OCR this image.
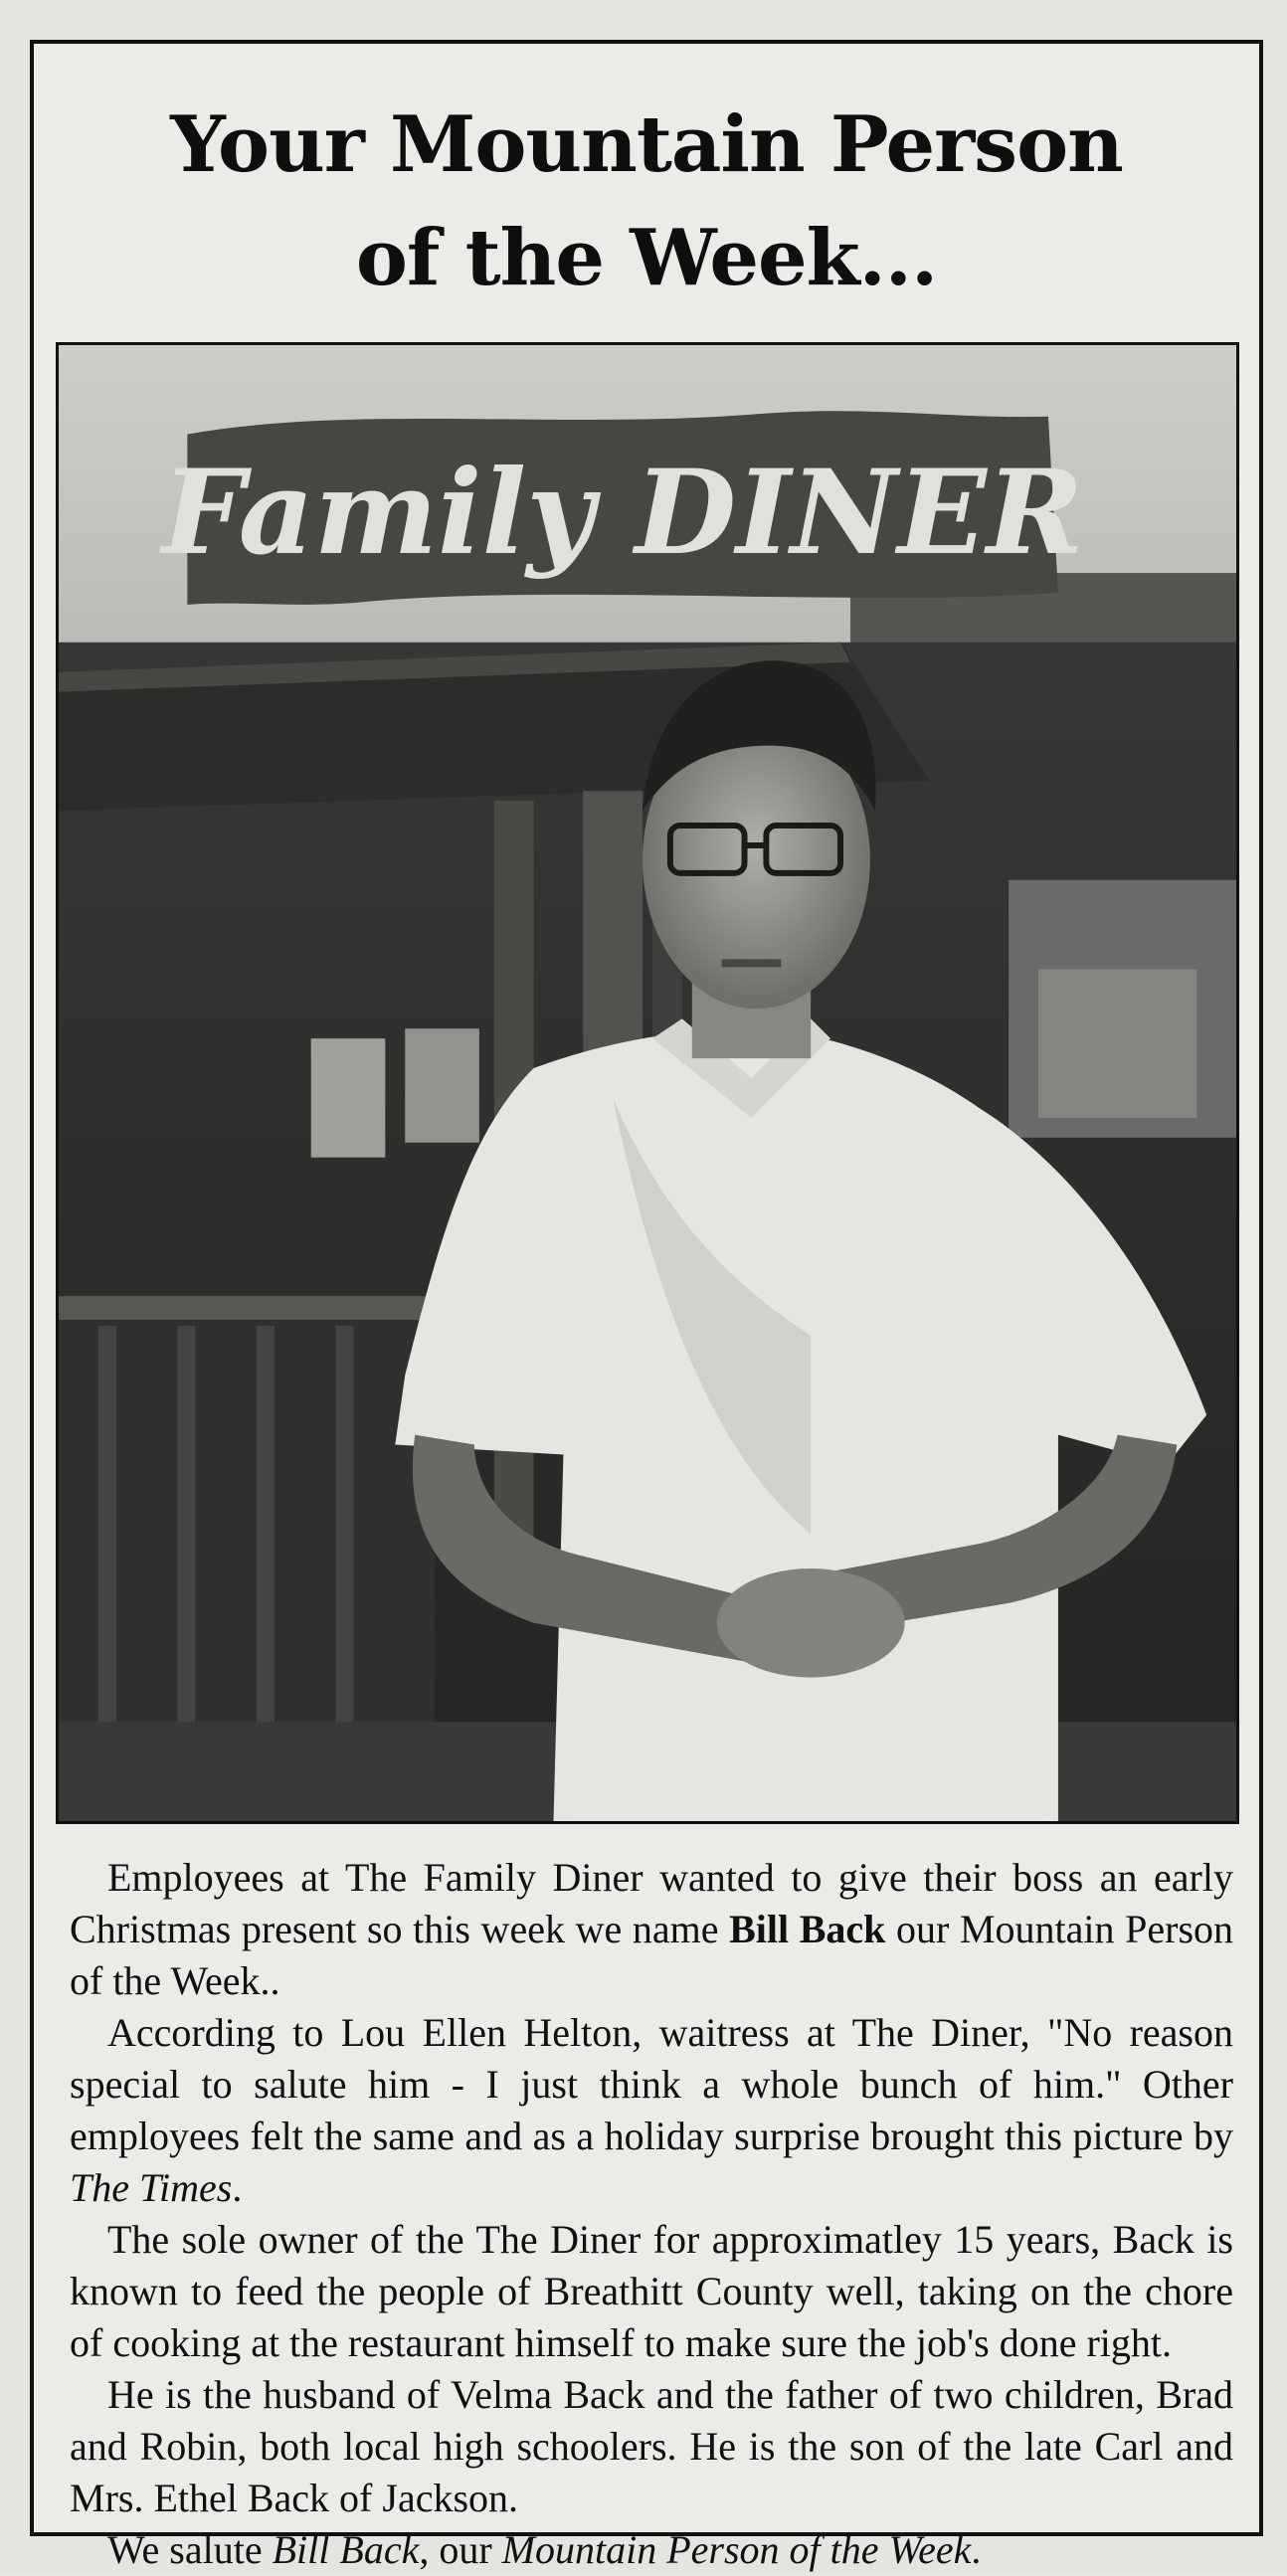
Your Mountain Person
of the Week...
Family DINER

Employees at The Family Diner wanted to give their boss an early Christmas present so this week we name Bill Back our Mountain Person of the Week..

According to Lou Ellen Helton, waitress at The Diner, "No reason special to salute him - I just think a whole bunch of him." Other employees felt the same and as a holiday surprise brought this picture by The Times.

The sole owner of the The Diner for approximatley 15 years, Back is known to feed the people of Breathitt County well, taking on the chore of cooking at the restaurant himself to make sure the job's done right.

He is the husband of Velma Back and the father of two children, Brad and Robin, both local high schoolers. He is the son of the late Carl and Mrs. Ethel Back of Jackson.

We salute Bill Back, our Mountain Person of the Week.
